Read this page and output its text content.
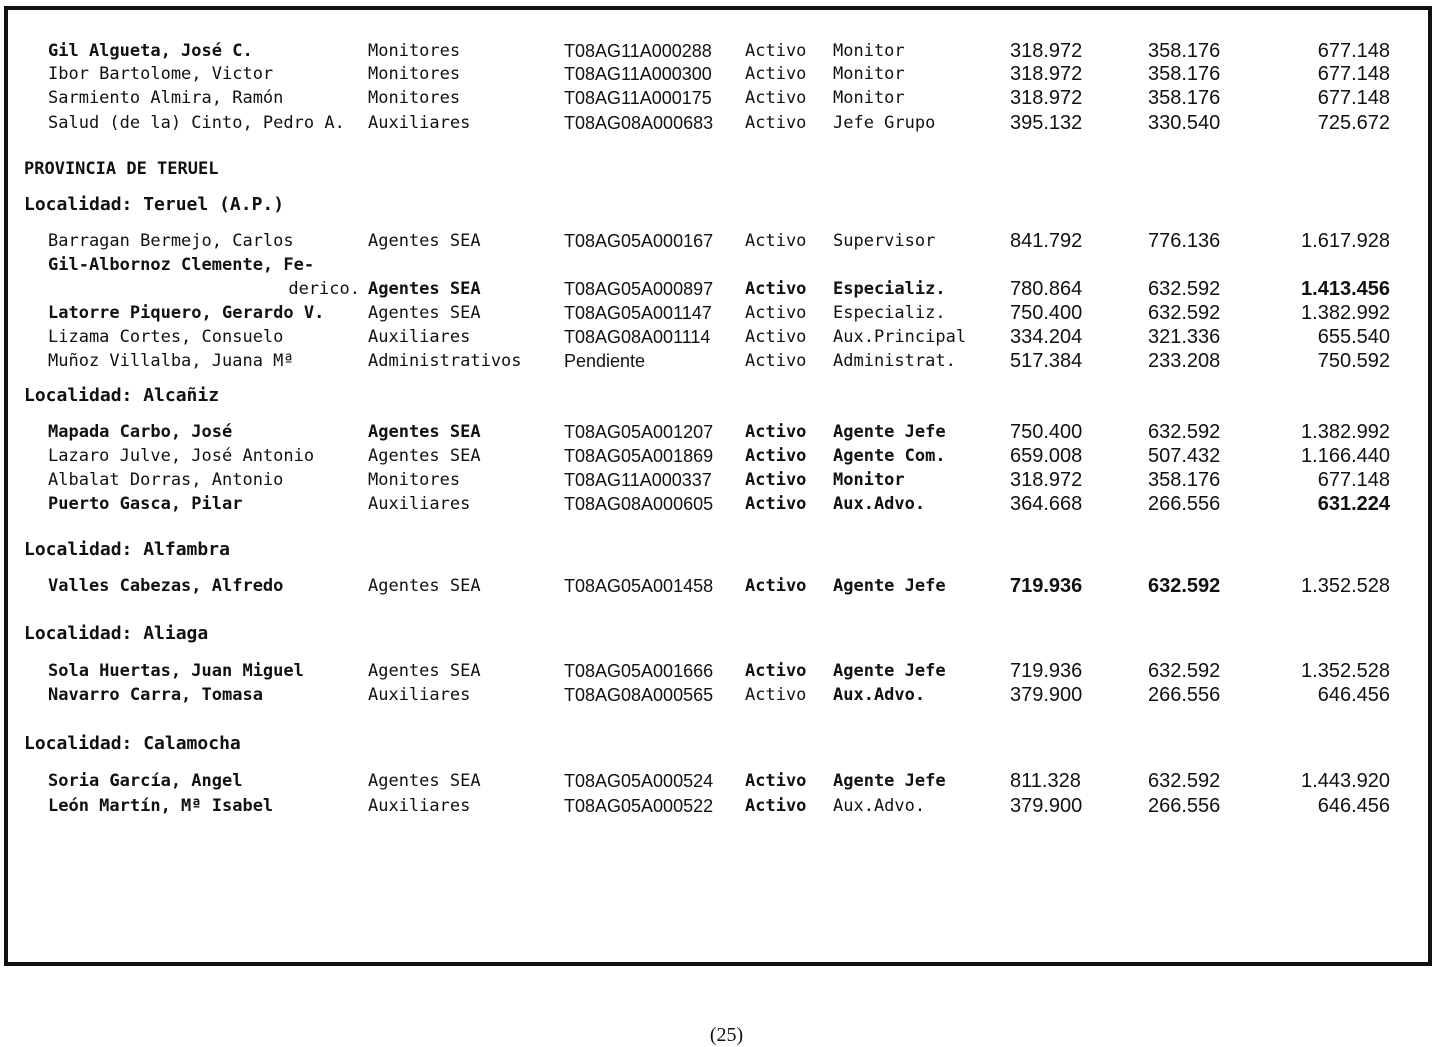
Gil Algueta, José C.	Monitores	T08AG11A000288	Activo	Monitor	318.972	358.176	677.148
Ibor Bartolome, Victor	Monitores	T08AG11A000300	Activo	Monitor	318.972	358.176	677.148
Sarmiento Almira, Ramón	Monitores	T08AG11A000175	Activo	Monitor	318.972	358.176	677.148
Salud (de la) Cinto, Pedro A.	Auxiliares	T08AG08A000683	Activo	Jefe Grupo	395.132	330.540	725.672
PROVINCIA DE TERUEL
Localidad: Teruel (A.P.)
Barragan Bermejo, Carlos	Agentes SEA	T08AG05A000167	Activo	Supervisor	841.792	776.136	1.617.928
Gil-Albornoz Clemente, Fe-
derico. Agentes SEA	T08AG05A000897	Activo	Especializ.	780.864	632.592	1.413.456
Latorre Piquero, Gerardo V.	Agentes SEA	T08AG05A001147	Activo	Especializ.	750.400	632.592	1.382.992
Lizama Cortes, Consuelo	Auxiliares	T08AG08A001114	Activo	Aux.Principal	334.204	321.336	655.540
Muñoz Villalba, Juana Mª	Administrativos	Pendiente	Activo	Administrat.	517.384	233.208	750.592
Localidad: Alcañiz
Mapada Carbo, José	Agentes SEA	T08AG05A001207	Activo	Agente Jefe	750.400	632.592	1.382.992
Lazaro Julve, José Antonio	Agentes SEA	T08AG05A001869	Activo	Agente Com.	659.008	507.432	1.166.440
Albalat Dorras, Antonio	Monitores	T08AG11A000337	Activo	Monitor	318.972	358.176	677.148
Puerto Gasca, Pilar	Auxiliares	T08AG08A000605	Activo	Aux.Advo.	364.668	266.556	631.224
Localidad: Alfambra
Valles Cabezas, Alfredo	Agentes SEA	T08AG05A001458	Activo	Agente Jefe	719.936	632.592	1.352.528
Localidad: Aliaga
Sola Huertas, Juan Miguel	Agentes SEA	T08AG05A001666	Activo	Agente Jefe	719.936	632.592	1.352.528
Navarro Carra, Tomasa	Auxiliares	T08AG08A000565	Activo	Aux.Advo.	379.900	266.556	646.456
Localidad: Calamocha
Soria García, Angel	Agentes SEA	T08AG05A000524	Activo	Agente Jefe	811.328	632.592	1.443.920
León Martín, Mª Isabel	Auxiliares	T08AG05A000522	Activo	Aux.Advo.	379.900	266.556	646.456
(25)
